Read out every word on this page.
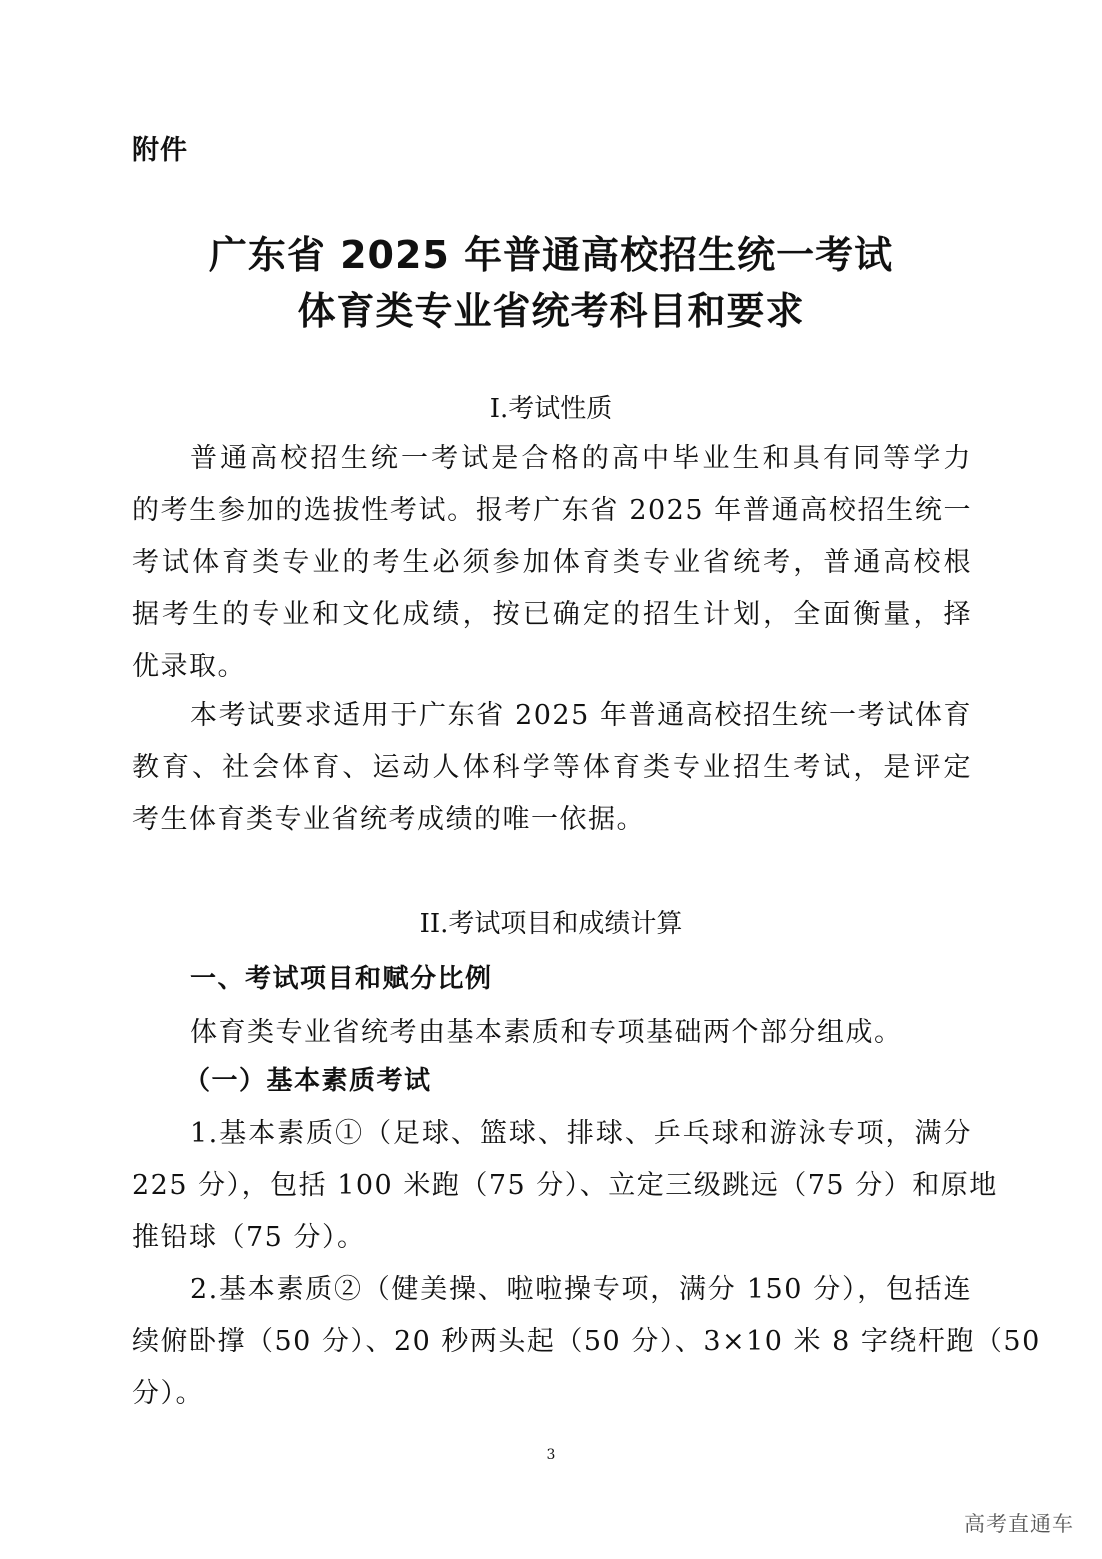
附件
广东省 2025 年普通高校招生统一考试
体育类专业省统考科目和要求
I.考试性质
普通高校招生统一考试是合格的高中毕业生和具有同等学力
的考生参加的选拔性考试。报考广东省 2025 年普通高校招生统一
考试体育类专业的考生必须参加体育类专业省统考，普通高校根
据考生的专业和文化成绩，按已确定的招生计划，全面衡量，择
优录取。
本考试要求适用于广东省 2025 年普通高校招生统一考试体育
教育、社会体育、运动人体科学等体育类专业招生考试，是评定
考生体育类专业省统考成绩的唯一依据。
II.考试项目和成绩计算
一、考试项目和赋分比例
体育类专业省统考由基本素质和专项基础两个部分组成。
（一）基本素质考试
1.基本素质①（足球、篮球、排球、乒乓球和游泳专项，满分
225 分），包括 100 米跑（75 分）、立定三级跳远（75 分）和原地
推铅球（75 分）。
2.基本素质②（健美操、啦啦操专项，满分 150 分），包括连
续俯卧撑（50 分）、20 秒两头起（50 分）、3×10 米 8 字绕杆跑（50
分）。
3
高考直通车
